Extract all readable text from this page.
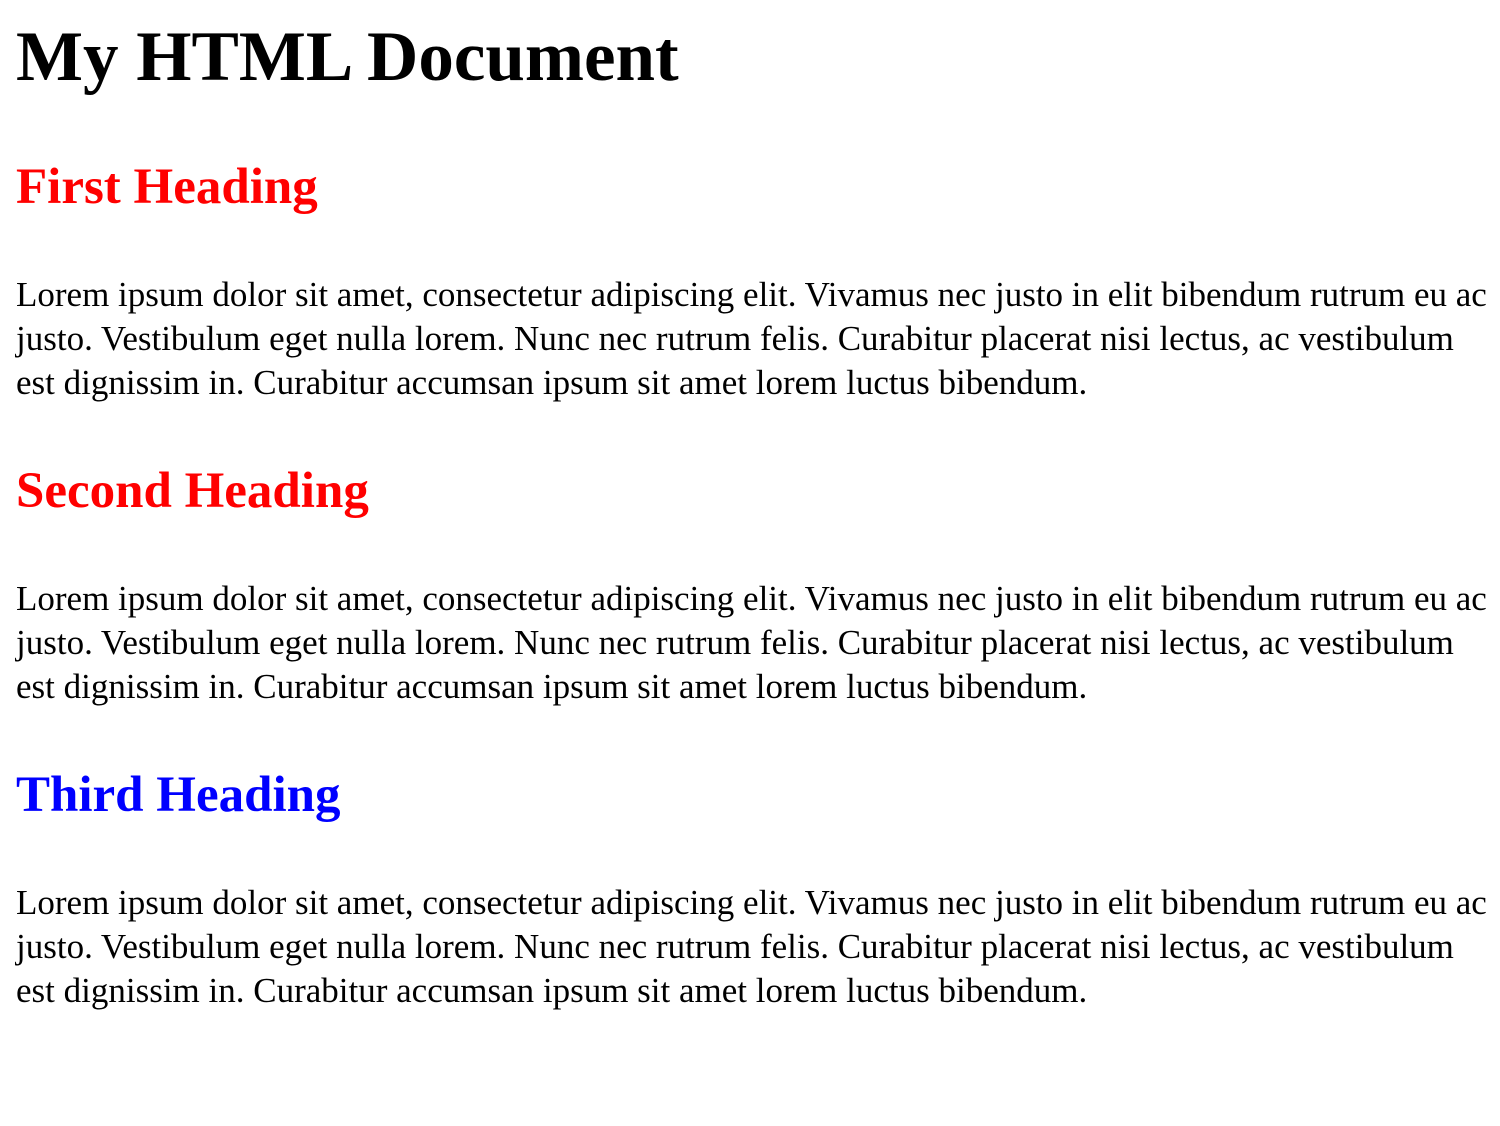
My HTML Document
First Heading

Lorem ipsum dolor sit amet, consectetur adipiscing elit. Vivamus nec justo in elit bibendum rutrum eu ac justo. Vestibulum eget nulla lorem. Nunc nec rutrum felis. Curabitur placerat nisi lectus, ac vestibulum est dignissim in. Curabitur accumsan ipsum sit amet lorem luctus bibendum.

Second Heading

Lorem ipsum dolor sit amet, consectetur adipiscing elit. Vivamus nec justo in elit bibendum rutrum eu ac justo. Vestibulum eget nulla lorem. Nunc nec rutrum felis. Curabitur placerat nisi lectus, ac vestibulum est dignissim in. Curabitur accumsan ipsum sit amet lorem luctus bibendum.

Third Heading

Lorem ipsum dolor sit amet, consectetur adipiscing elit. Vivamus nec justo in elit bibendum rutrum eu ac justo. Vestibulum eget nulla lorem. Nunc nec rutrum felis. Curabitur placerat nisi lectus, ac vestibulum est dignissim in. Curabitur accumsan ipsum sit amet lorem luctus bibendum.
